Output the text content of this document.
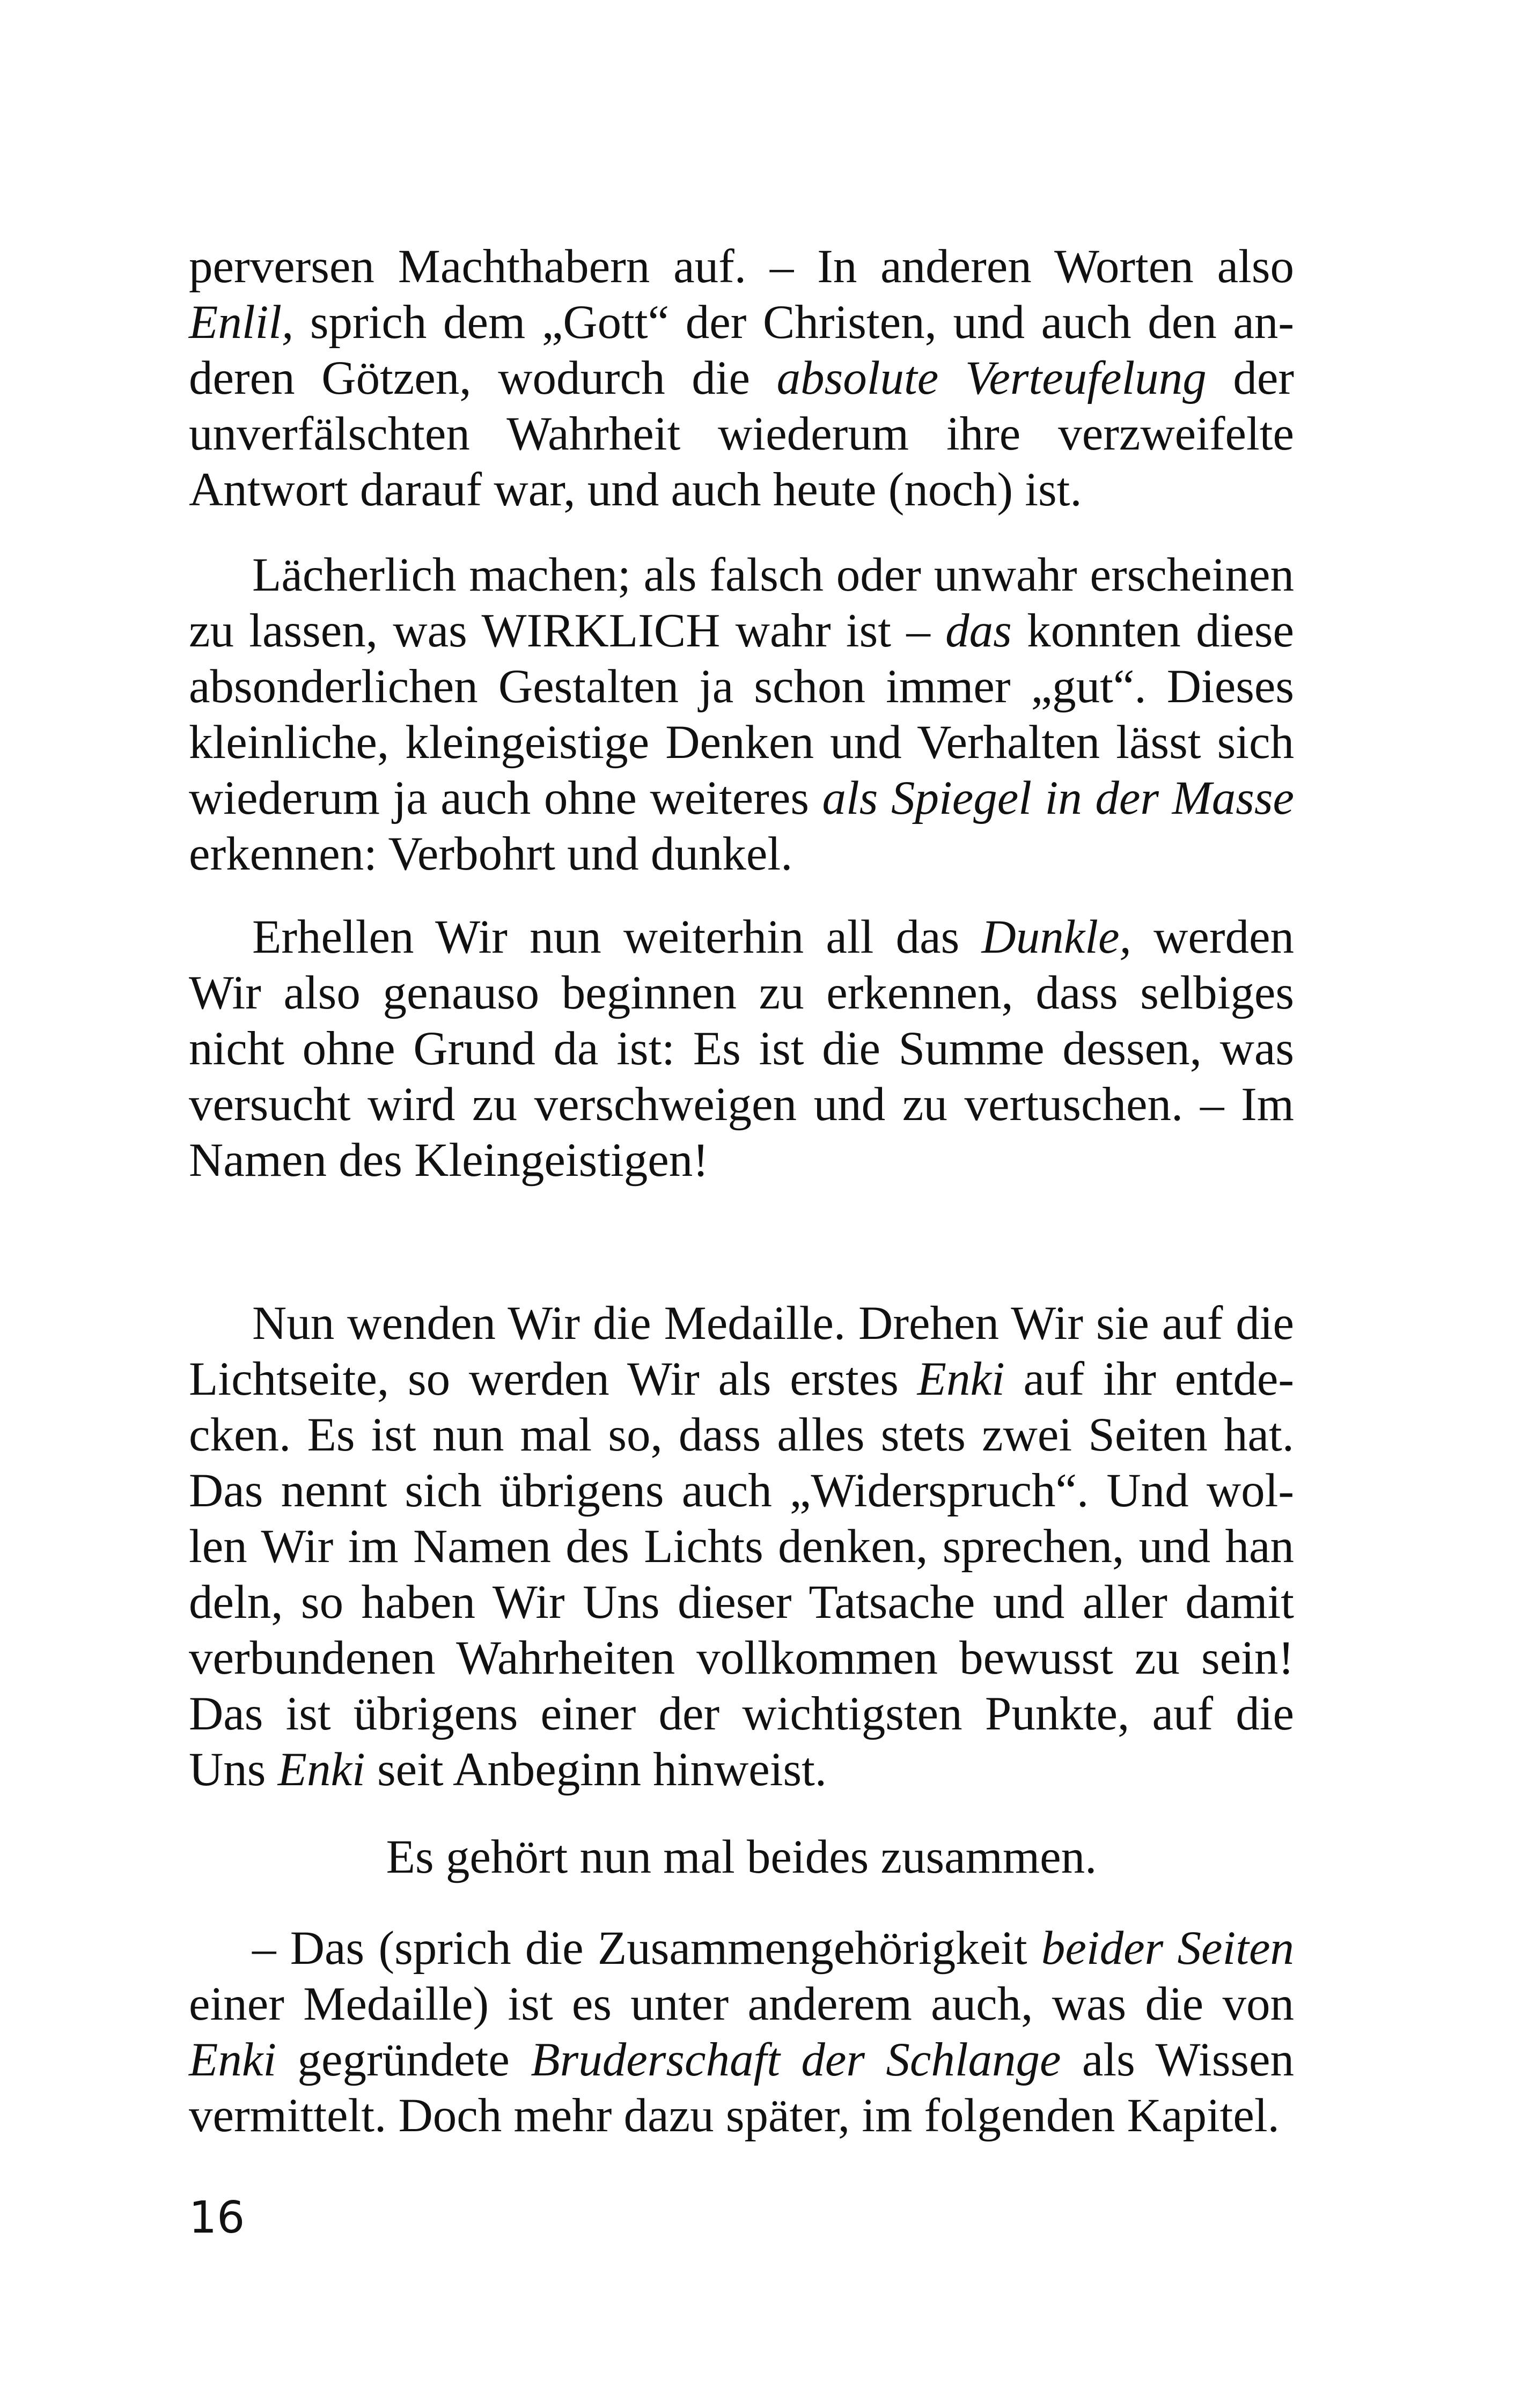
perversen Machthabern auf. – In anderen Worten also Enlil, sprich dem „Gott“ der Christen, und auch den an-deren Götzen, wodurch die absolute Verteufelung der unverfälschten Wahrheit wiederum ihre verzweifelte Antwort darauf war, und auch heute (noch) ist.

Lächerlich machen; als falsch oder unwahr erscheinen zu lassen, was WIRKLICH wahr ist – das konnten diese absonderlichen Gestalten ja schon immer „gut“. Dieses kleinliche, kleingeistige Denken und Verhalten lässt sich wiederum ja auch ohne weiteres als Spiegel in der Masse erkennen: Verbohrt und dunkel.

Erhellen Wir nun weiterhin all das Dunkle, werden Wir also genauso beginnen zu erkennen, dass selbiges nicht ohne Grund da ist: Es ist die Summe dessen, was versucht wird zu verschweigen und zu vertuschen. – Im Namen des Kleingeistigen!

Nun wenden Wir die Medaille. Drehen Wir sie auf die Lichtseite, so werden Wir als erstes Enki auf ihr entde-cken. Es ist nun mal so, dass alles stets zwei Seiten hat. Das nennt sich übrigens auch „Widerspruch“. Und wol-len Wir im Namen des Lichts denken, sprechen, und han deln, so haben Wir Uns dieser Tatsache und aller damit verbundenen Wahrheiten vollkommen bewusst zu sein! Das ist übrigens einer der wichtigsten Punkte, auf die Uns Enki seit Anbeginn hinweist.

Es gehört nun mal beides zusammen.

– Das (sprich die Zusammengehörigkeit beider Seiten einer Medaille) ist es unter anderem auch, was die von Enki gegründete Bruderschaft der Schlange als Wissen vermittelt. Doch mehr dazu später, im folgenden Kapitel.

16
